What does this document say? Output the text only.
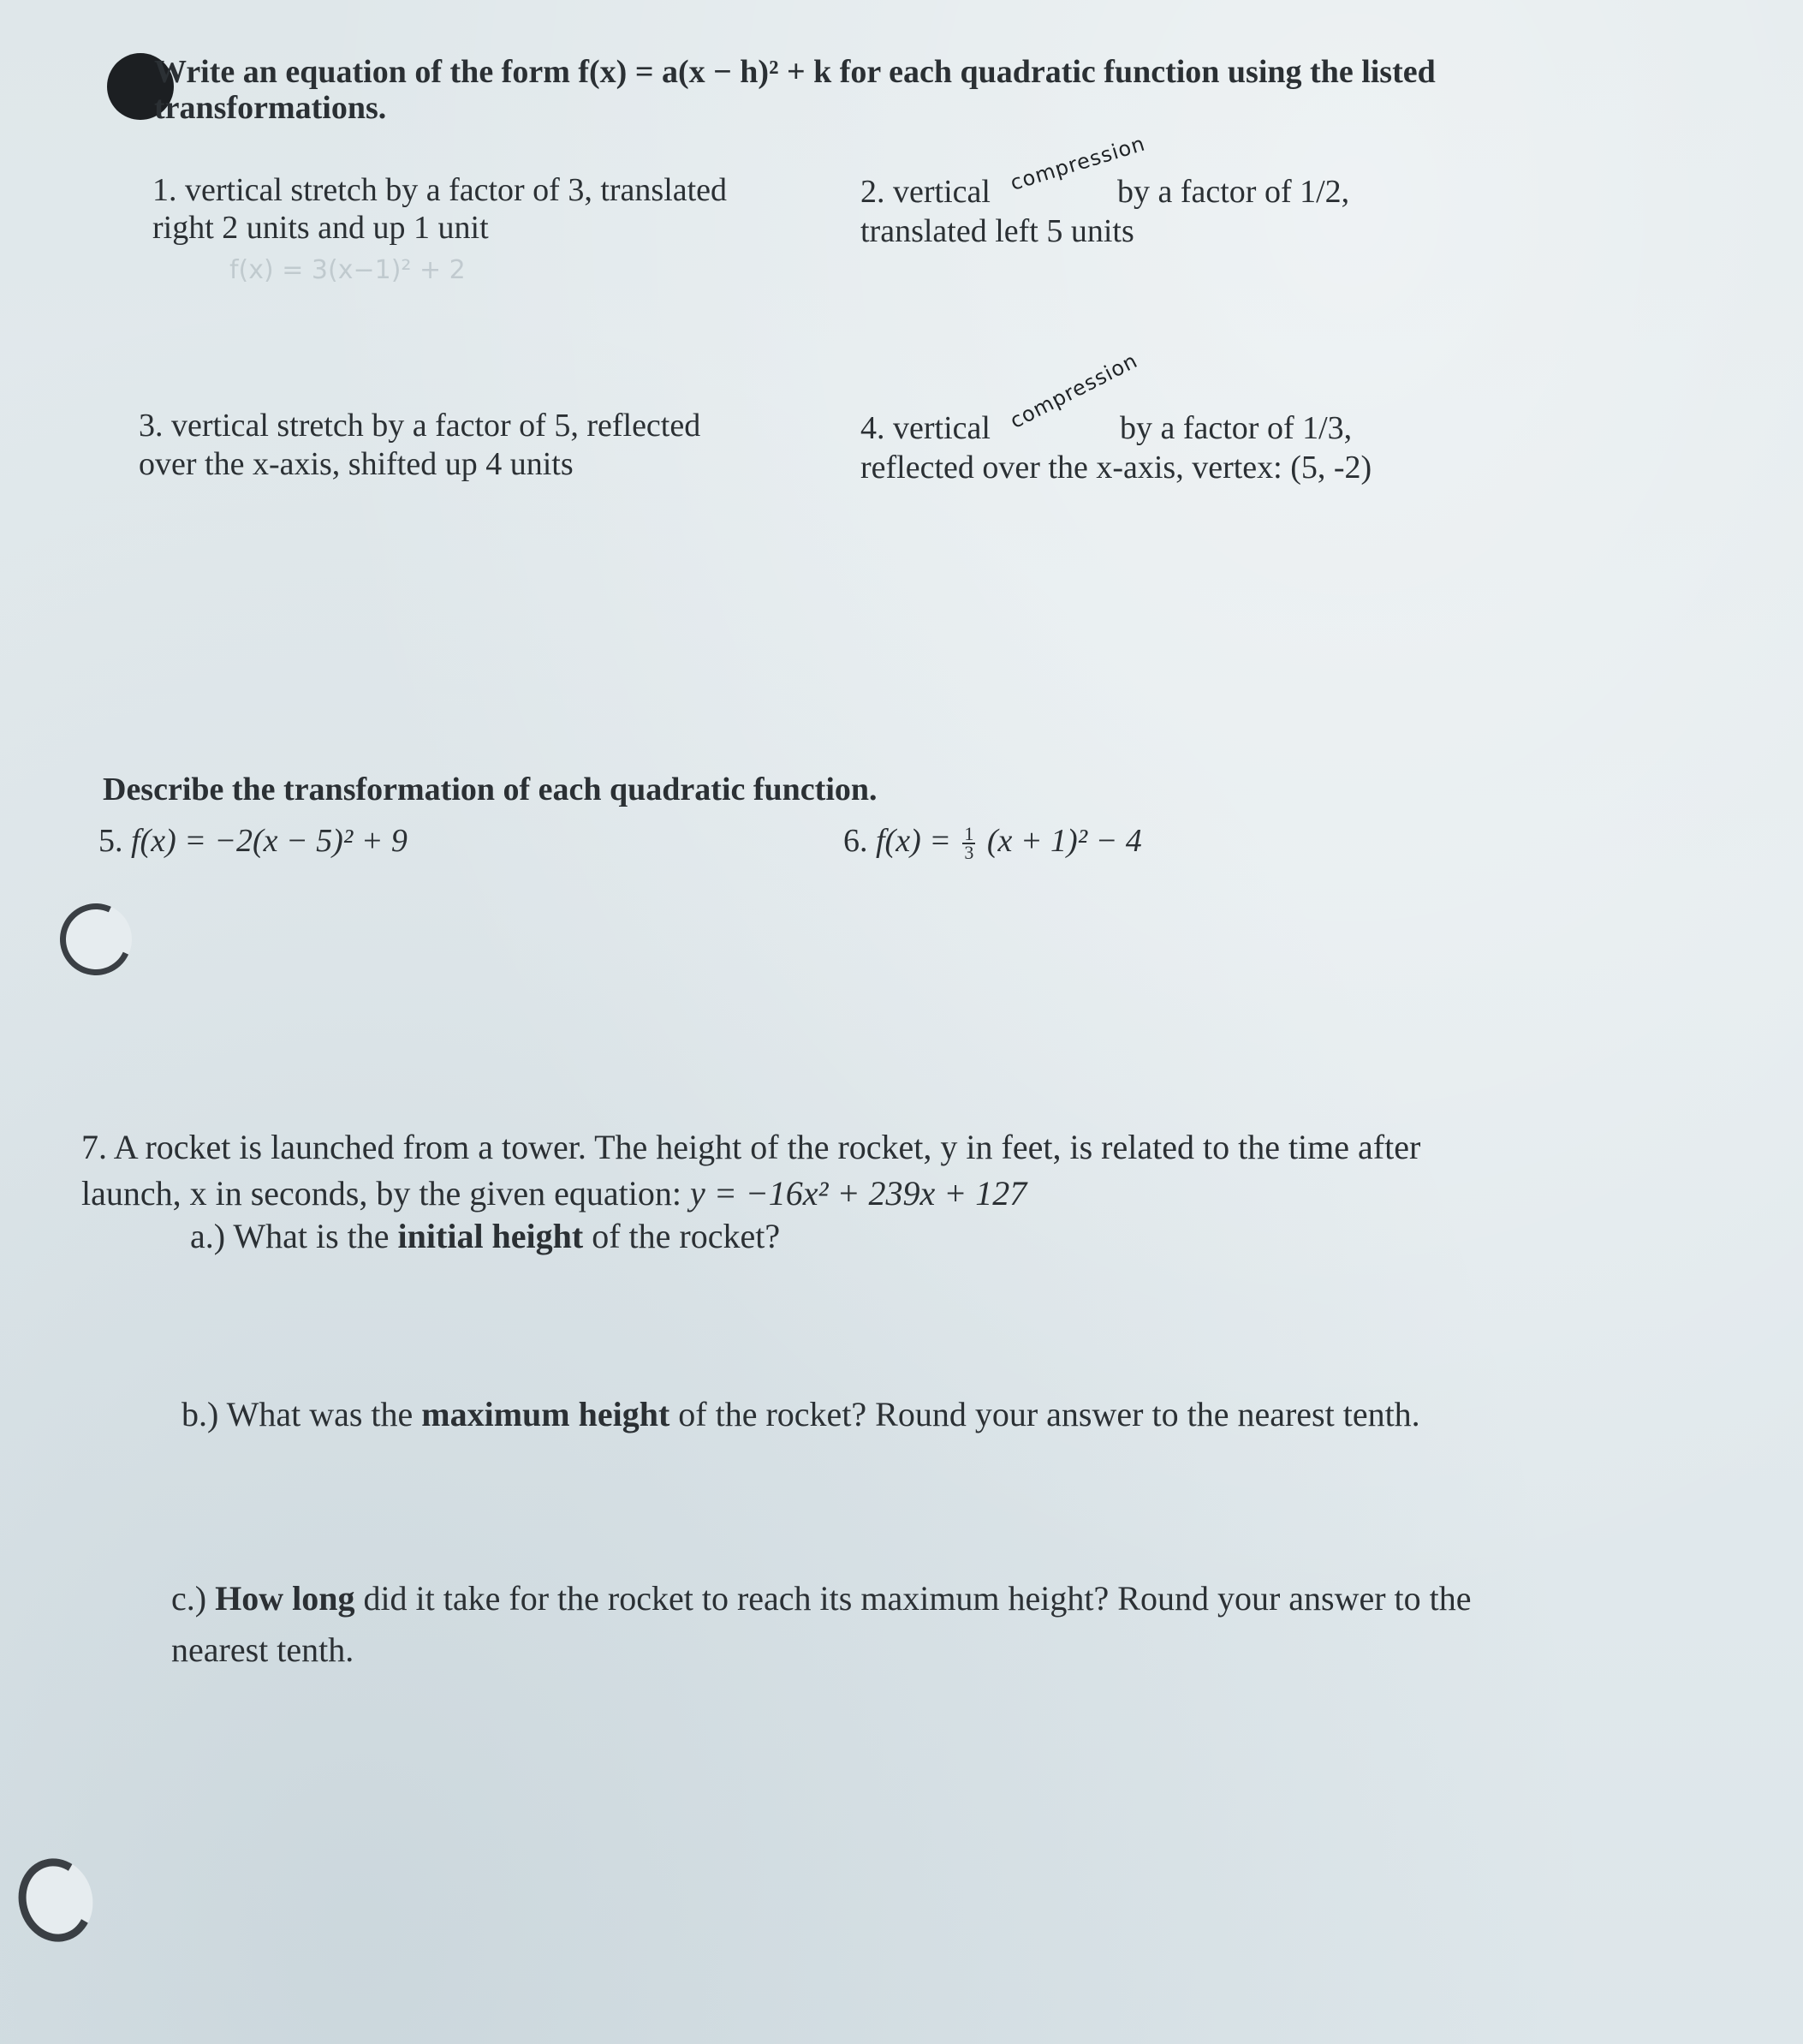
Write an equation of the form f(x) = a(x − h)² + k for each quadratic function using the listed
transformations.
1. vertical stretch by a factor of 3, translated
right 2 units and up 1 unit
f(x) = 3(x−1)² + 2
2. vertical compression
by a factor of 1/2,
translated left 5 units
3. vertical stretch by a factor of 5, reflected
over the x-axis, shifted up 4 units
4. vertical compression
by a factor of 1/3,
reflected over the x-axis, vertex: (5, -2)
Describe the transformation of each quadratic function.
5. f(x) = −2(x − 5)² + 9	6. $f(x) = \frac{1}{3} (x + 1)^2 - 4$
7. A rocket is launched from a tower. The height of the rocket, y in feet, is related to the time after
launch, x in seconds, by the given equation: y = −16x² + 239x + 127
a.) What is the initial height of the rocket?
b.) What was the maximum height of the rocket? Round your answer to the nearest tenth.
c.) How long did it take for the rocket to reach its maximum height? Round your answer to the
nearest tenth.
